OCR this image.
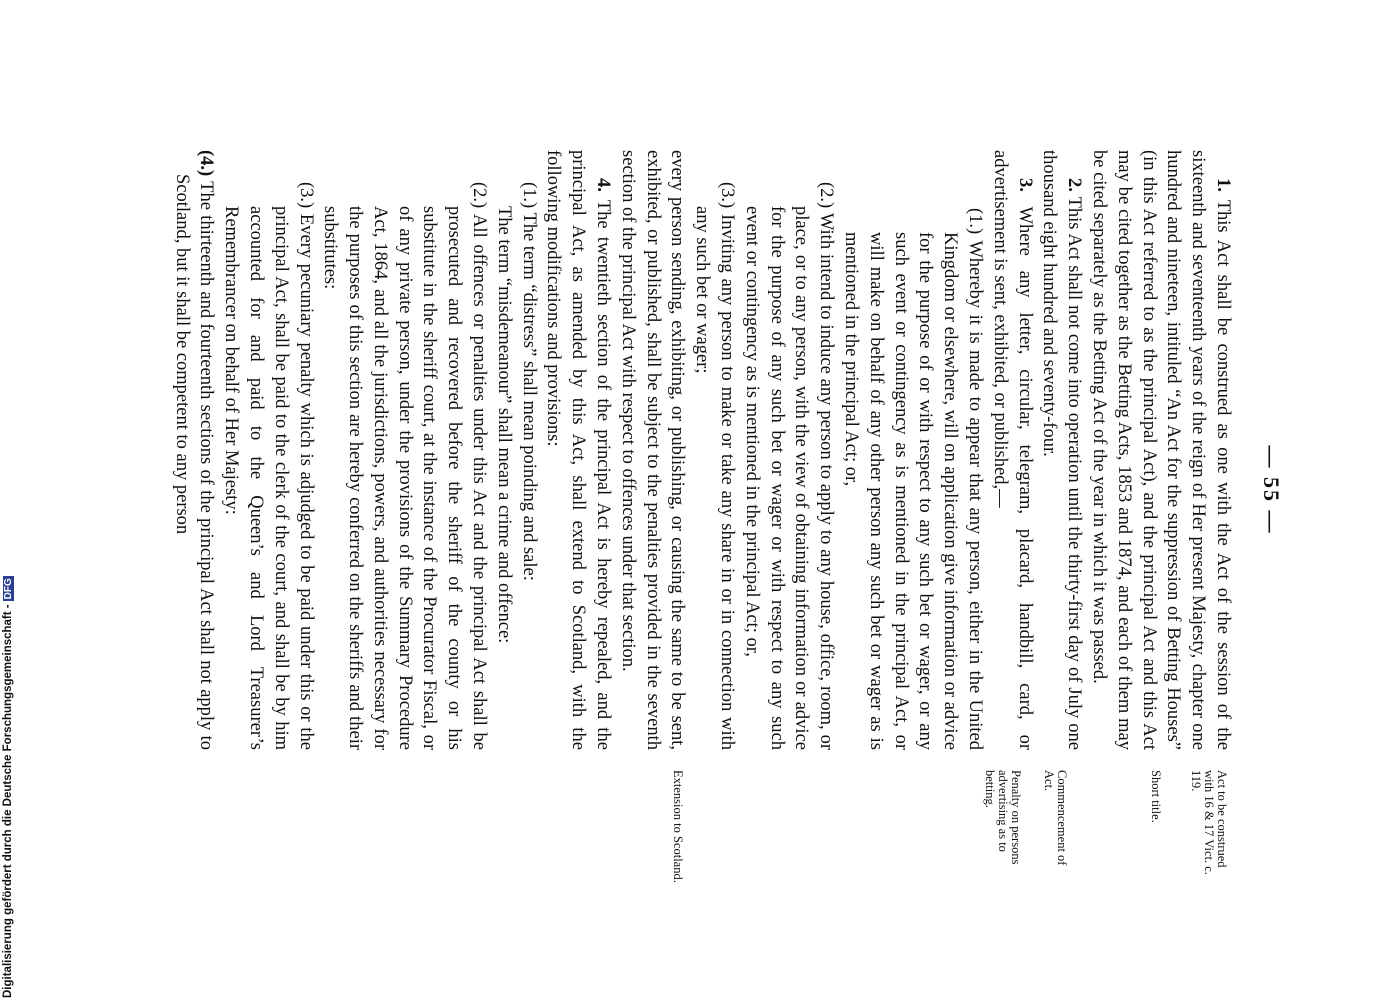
— 55 —
Act to be construed with 16 & 17 Vict. c. 119.
Short title.
Commencement of Act.
Penalty on persons advertising as to betting.
Extension to Scotland.

1. This Act shall be construed as one with the Act of the session of the sixteenth and seventeenth years of the reign of Her present Majesty, chapter one hundred and nineteen, intituled “An Act for the suppression of Betting Houses” (in this Act referred to as the principal Act), and the principal Act and this Act may be cited together as the Betting Acts, 1853 and 1874, and each of them may be cited separately as the Betting Act of the year in which it was passed.

2. This Act shall not come into operation until the thirty-first day of July one thousand eight hundred and seventy-four.

3. Where any letter, circular, telegram, placard, handbill, card, or advertisement is sent, exhibited, or published,—

(1.) Whereby it is made to appear that any person, either in the United Kingdom or elsewhere, will on application give information or advice for the purpose of or with respect to any such bet or wager, or any such event or contingency as is mentioned in the principal Act, or will make on behalf of any other person any such bet or wager as is mentioned in the principal Act; or,

(2.) With intend to induce any person to apply to any house, office, room, or place, or to any person, with the view of obtaining information or advice for the purpose of any such bet or wager or with respect to any such event or contingency as is mentioned in the principal Act; or,

(3.) Inviting any person to make or take any share in or in connection with any such bet or wager;

every person sending, exhibiting, or publishing, or causing the same to be sent, exhibited, or published, shall be subject to the penalties provided in the seventh section of the principal Act with respect to offences under that section.

4. The twentieth section of the principal Act is hereby repealed, and the principal Act, as amended by this Act, shall extend to Scotland, with the following modifications and provisions:

(1.) The term “distress” shall mean poinding and sale:

The term “misdemeanour” shall mean a crime and offence:

(2.) All offences or penalties under this Act and the principal Act shall be prosecuted and recovered before the sheriff of the county or his substitute in the sheriff court, at the instance of the Procurator Fiscal, or of any private person, under the provisions of the Summary Procedure Act, 1864, and all the jurisdictions, powers, and authorities necessary for the purposes of this section are hereby conferred on the sheriffs and their substitutes:

(3.) Every pecuniary penalty which is adjudged to be paid under this or the principal Act, shall be paid to the clerk of the court, and shall be by him accounted for and paid to the Queen’s and Lord Treasurer’s Remembrancer on behalf of Her Majesty:

(4.) The thirteenth and fourteenth sections of the principal Act shall not apply to Scotland, but it shall be competent to any person

Digitalisierung gefördert durch die Deutsche Forschungsgemeinschaft -DFG
